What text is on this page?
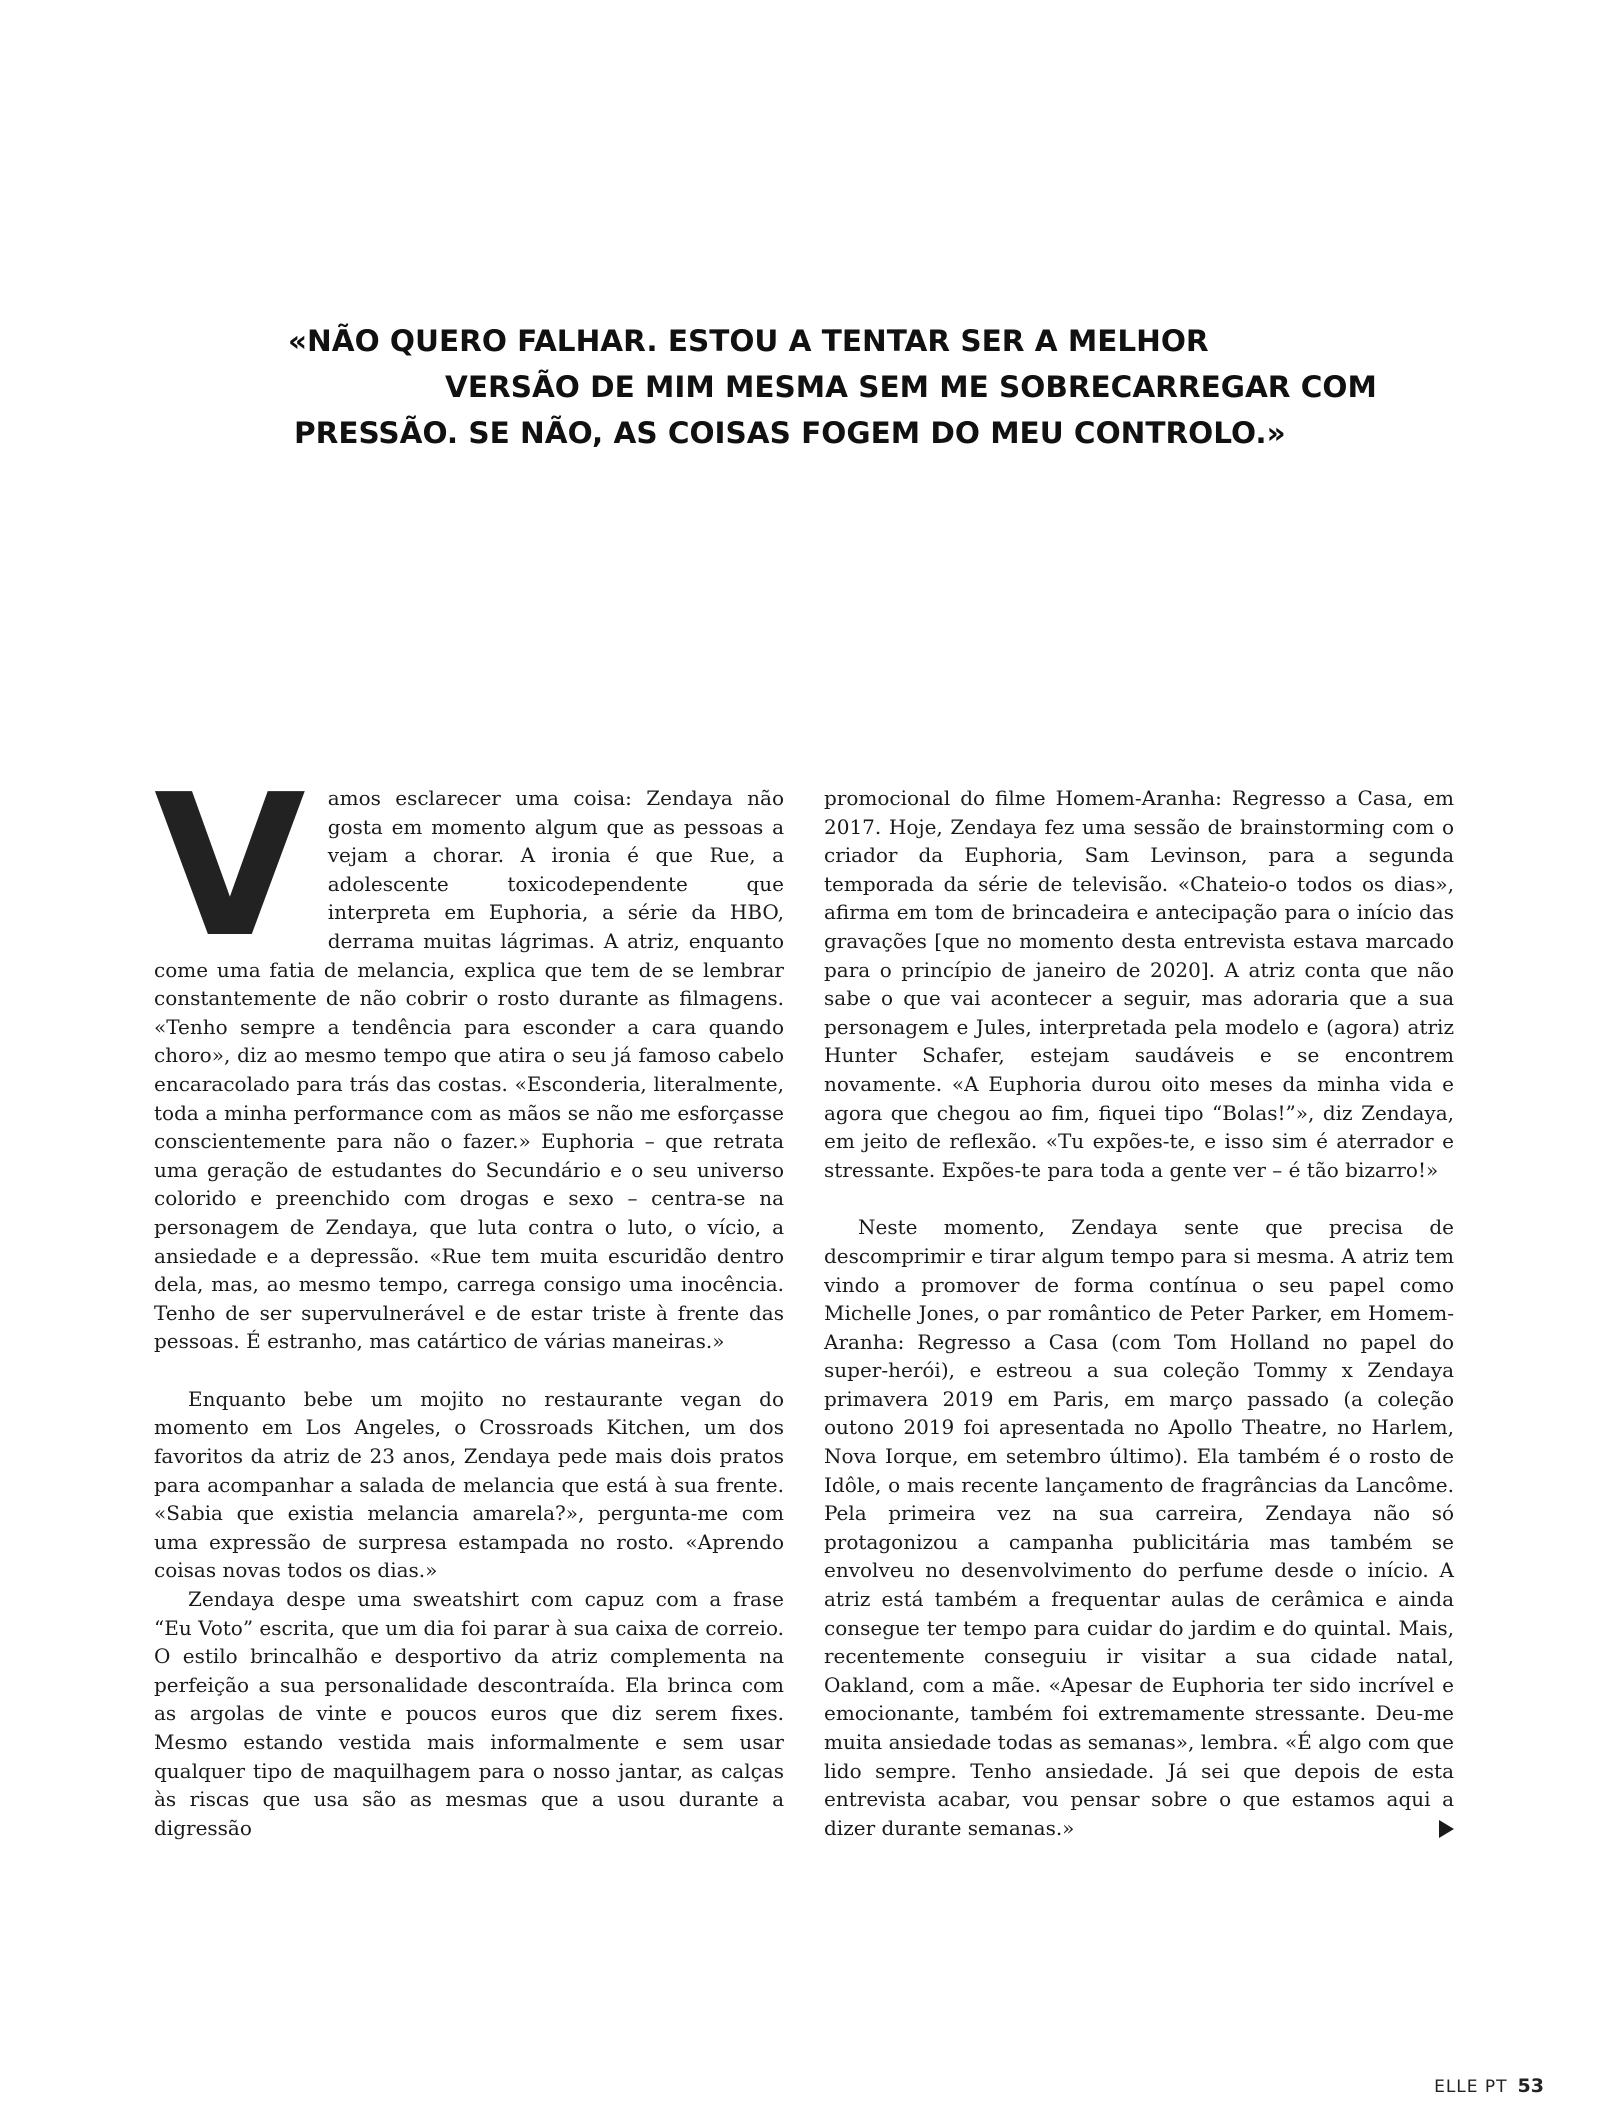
«NÃO QUERO FALHAR. ESTOU A TENTAR SER A MELHOR
VERSÃO DE MIM MESMA SEM ME SOBRECARREGAR COM
PRESSÃO. SE NÃO, AS COISAS FOGEM DO MEU CONTROLO.»
V	amos esclarecer uma coisa: Zendaya não gosta em momento algum que as pessoas a vejam a chorar. A ironia é que Rue, a adolescente toxicodependente que interpreta em Euphoria, a série da HBO, derrama muitas lágrimas. A atriz, enquanto come uma fatia de melancia, explica que tem de se lembrar constantemente de não cobrir o rosto durante as filmagens. «Tenho sempre a tendência para esconder a cara quando choro», diz ao mesmo tempo que atira o seu já famoso cabelo encaracolado para trás das costas. «Esconderia, literalmente, toda a minha performance com as mãos se não me esforçasse conscientemente para não o fazer.» Euphoria – que retrata uma geração de estudantes do Secundário e o seu universo colorido e preenchido com drogas e sexo – centra-se na personagem de Zendaya, que luta contra o luto, o vício, a ansiedade e a depressão. «Rue tem muita escuridão dentro dela, mas, ao mesmo tempo, carrega consigo uma inocência. Tenho de ser supervulnerável e de estar triste à frente das pessoas. É estranho, mas catártico de várias maneiras.»

Enquanto bebe um mojito no restaurante vegan do momento em Los Angeles, o Crossroads Kitchen, um dos favoritos da atriz de 23 anos, Zendaya pede mais dois pratos para acompanhar a salada de melancia que está à sua frente. «Sabia que existia melancia amarela?», pergunta-me com uma expressão de surpresa estampada no rosto. «Aprendo coisas novas todos os dias.»

Zendaya despe uma sweatshirt com capuz com a frase “Eu Voto” escrita, que um dia foi parar à sua caixa de correio. O estilo brincalhão e desportivo da atriz complementa na perfeição a sua personalidade descontraída. Ela brinca com as argolas de vinte e poucos euros que diz serem fixes. Mesmo estando vestida mais informalmente e sem usar qualquer tipo de maquilhagem para o nosso jantar, as calças às riscas que usa são as mesmas que a usou durante a digressão

promocional do filme Homem-Aranha: Regresso a Casa, em 2017. Hoje, Zendaya fez uma sessão de brainstorming com o criador da Euphoria, Sam Levinson, para a segunda temporada da série de televisão. «Chateio-o todos os dias», afirma em tom de brincadeira e antecipação para o início das gravações [que no momento desta entrevista estava marcado para o princípio de janeiro de 2020]. A atriz conta que não sabe o que vai acontecer a seguir, mas adoraria que a sua personagem e Jules, interpretada pela modelo e (agora) atriz Hunter Schafer, estejam saudáveis e se encontrem novamente. «A Euphoria durou oito meses da minha vida e agora que chegou ao fim, fiquei tipo “Bolas!”», diz Zendaya, em jeito de reflexão. «Tu expões-te, e isso sim é aterrador e stressante. Expões-te para toda a gente ver – é tão bizarro!»

Neste momento, Zendaya sente que precisa de descomprimir e tirar algum tempo para si mesma. A atriz tem vindo a promover de forma contínua o seu papel como Michelle Jones, o par romântico de Peter Parker, em Homem-Aranha: Regresso a Casa (com Tom Holland no papel do super-herói), e estreou a sua coleção Tommy x Zendaya primavera 2019 em Paris, em março passado (a coleção outono 2019 foi apresentada no Apollo Theatre, no Harlem, Nova Iorque, em setembro último). Ela também é o rosto de Idôle, o mais recente lançamento de fragrâncias da Lancôme. Pela primeira vez na sua carreira, Zendaya não só protagonizou a campanha publicitária mas também se envolveu no desenvolvimento do perfume desde o início. A atriz está também a frequentar aulas de cerâmica e ainda consegue ter tempo para cuidar do jardim e do quintal. Mais, recentemente conseguiu ir visitar a sua cidade natal, Oakland, com a mãe. «Apesar de Euphoria ter sido incrível e emocionante, também foi extremamente stressante. Deu-me muita ansiedade todas as semanas», lembra. «É algo com que lido sempre. Tenho ansiedade. Já sei que depois de esta entrevista acabar, vou pensar sobre o que estamos aqui a dizer durante semanas.»

ELLE PT 53
